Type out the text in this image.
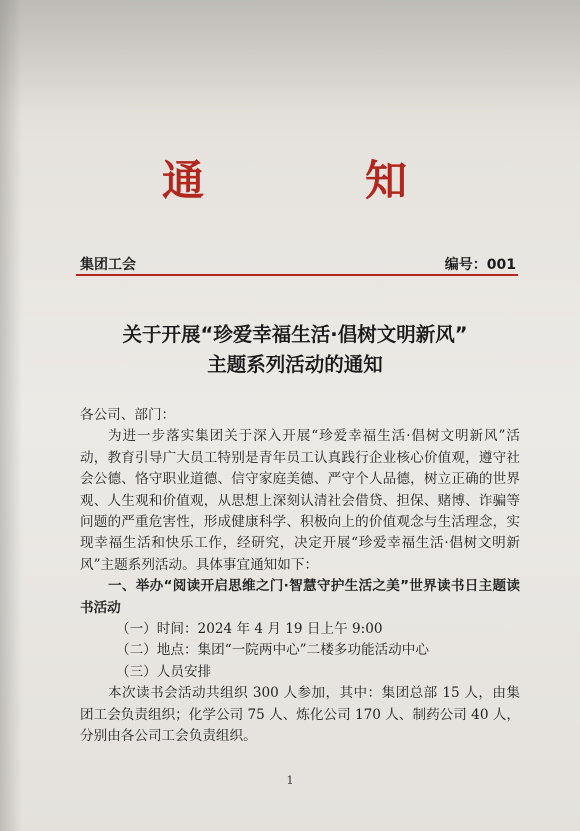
通	知
集团工会	编号：001
关于开展“珍爱幸福生活·倡树文明新风”
主题系列活动的通知

各公司、部门：

为进一步落实集团关于深入开展“珍爱幸福生活·倡树文明新风”活动，教育引导广大员工特别是青年员工认真践行企业核心价值观，遵守社会公德、恪守职业道德、信守家庭美德、严守个人品德，树立正确的世界观、人生观和价值观，从思想上深刻认清社会借贷、担保、赌博、诈骗等问题的严重危害性，形成健康科学、积极向上的价值观念与生活理念，实现幸福生活和快乐工作，经研究，决定开展“珍爱幸福生活·倡树文明新风”主题系列活动。具体事宜通知如下：

一、举办“阅读开启思维之门·智慧守护生活之美”世界读书日主题读书活动

（一）时间：2024 年 4 月 19 日上午 9:00

（二）地点：集团“一院两中心”二楼多功能活动中心

（三）人员安排

本次读书会活动共组织 300 人参加，其中：集团总部 15 人，由集团工会负责组织；化学公司 75 人、炼化公司 170 人、制药公司 40 人，分别由各公司工会负责组织。

1
